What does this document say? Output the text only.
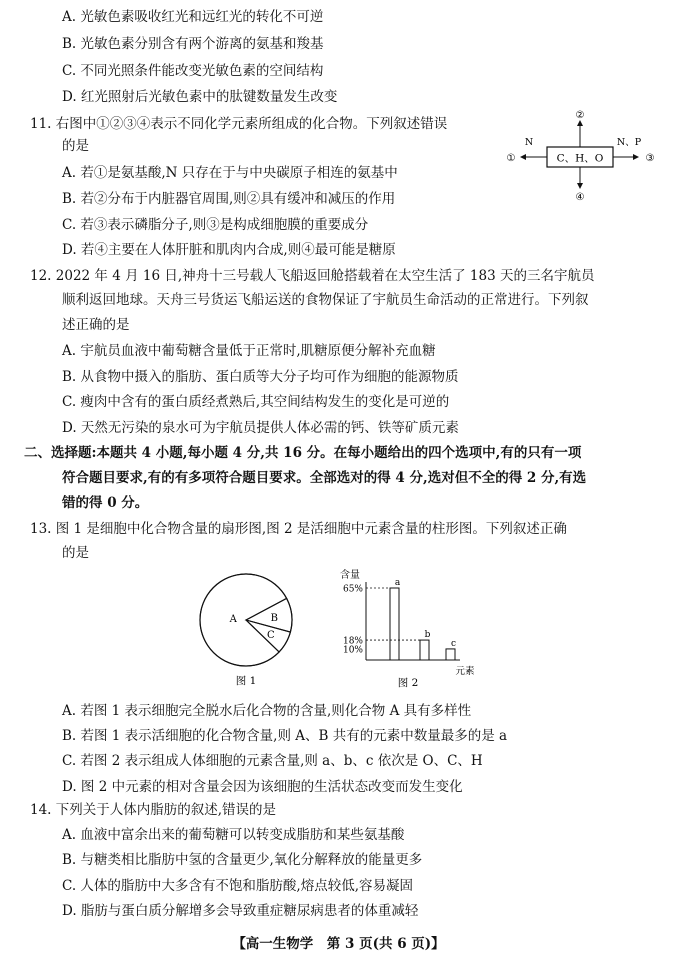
A. 光敏色素吸收红光和远红光的转化不可逆
B. 光敏色素分别含有两个游离的氨基和羧基
C. 不同光照条件能改变光敏色素的空间结构
D. 红光照射后光敏色素中的肽键数量发生改变
11. 右图中①②③④表示不同化学元素所组成的化合物。下列叙述错误
的是
A. 若①是氨基酸,N 只存在于与中央碳原子相连的氨基中
B. 若②分布于内脏器官周围,则②具有缓冲和减压的作用
C. 若③表示磷脂分子,则③是构成细胞膜的重要成分
D. 若④主要在人体肝脏和肌肉内合成,则④最可能是糖原
C、H、O
②
④
①	③
N	N、P
12. 2022 年 4 月 16 日,神舟十三号载人飞船返回舱搭载着在太空生活了 183 天的三名宇航员
顺利返回地球。天舟三号货运飞船运送的食物保证了宇航员生命活动的正常进行。下列叙
述正确的是
A. 宇航员血液中葡萄糖含量低于正常时,肌糖原便分解补充血糖
B. 从食物中摄入的脂肪、蛋白质等大分子均可作为细胞的能源物质
C. 瘦肉中含有的蛋白质经煮熟后,其空间结构发生的变化是可逆的
D. 天然无污染的泉水可为宇航员提供人体必需的钙、铁等矿质元素
二、选择题:本题共 4 小题,每小题 4 分,共 16 分。在每小题给出的四个选项中,有的只有一项
符合题目要求,有的有多项符合题目要求。全部选对的得 4 分,选对但不全的得 2 分,有选
错的得 0 分。
13. 图 1 是细胞中化合物含量的扇形图,图 2 是活细胞中元素含量的柱形图。下列叙述正确
的是
A	B
C
图 1
a
65%
b
18%	c
10%
含量
元素
图 2
A. 若图 1 表示细胞完全脱水后化合物的含量,则化合物 A 具有多样性
B. 若图 1 表示活细胞的化合物含量,则 A、B 共有的元素中数量最多的是 a
C. 若图 2 表示组成人体细胞的元素含量,则 a、b、c 依次是 O、C、H
D. 图 2 中元素的相对含量会因为该细胞的生活状态改变而发生变化
14. 下列关于人体内脂肪的叙述,错误的是
A. 血液中富余出来的葡萄糖可以转变成脂肪和某些氨基酸
B. 与糖类相比脂肪中氢的含量更少,氧化分解释放的能量更多
C. 人体的脂肪中大多含有不饱和脂肪酸,熔点较低,容易凝固
D. 脂肪与蛋白质分解增多会导致重症糖尿病患者的体重减轻
【高一生物学　第 3 页(共 6 页)】
